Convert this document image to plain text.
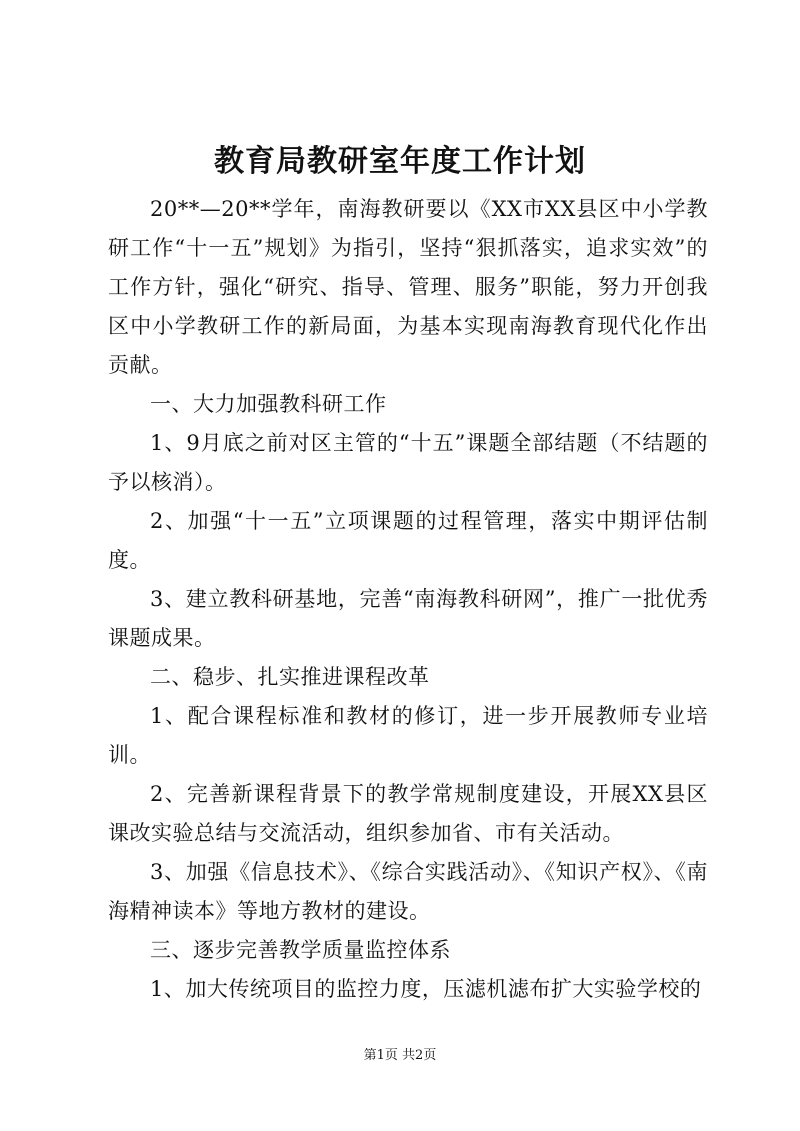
教育局教研室年度工作计划

20**—20**学年，南海教研要以《XX市XX县区中小学教研工作“十一五”规划》为指引，坚持“狠抓落实，追求实效”的工作方针，强化“研究、指导、管理、服务”职能，努力开创我区中小学教研工作的新局面，为基本实现南海教育现代化作出贡献。

一、大力加强教科研工作

1、9月底之前对区主管的“十五”课题全部结题（不结题的予以核消）。

2、加强“十一五”立项课题的过程管理，落实中期评估制度。

3、建立教科研基地，完善“南海教科研网”，推广一批优秀课题成果。

二、稳步、扎实推进课程改革

1、配合课程标准和教材的修订，进一步开展教师专业培训。

2、完善新课程背景下的教学常规制度建设，开展XX县区课改实验总结与交流活动，组织参加省、市有关活动。

3、加强《信息技术》、《综合实践活动》、《知识产权》、《南海精神读本》等地方教材的建设。

三、逐步完善教学质量监控体系

1、加大传统项目的监控力度，压滤机滤布扩大实验学校的

第1页 共2页
